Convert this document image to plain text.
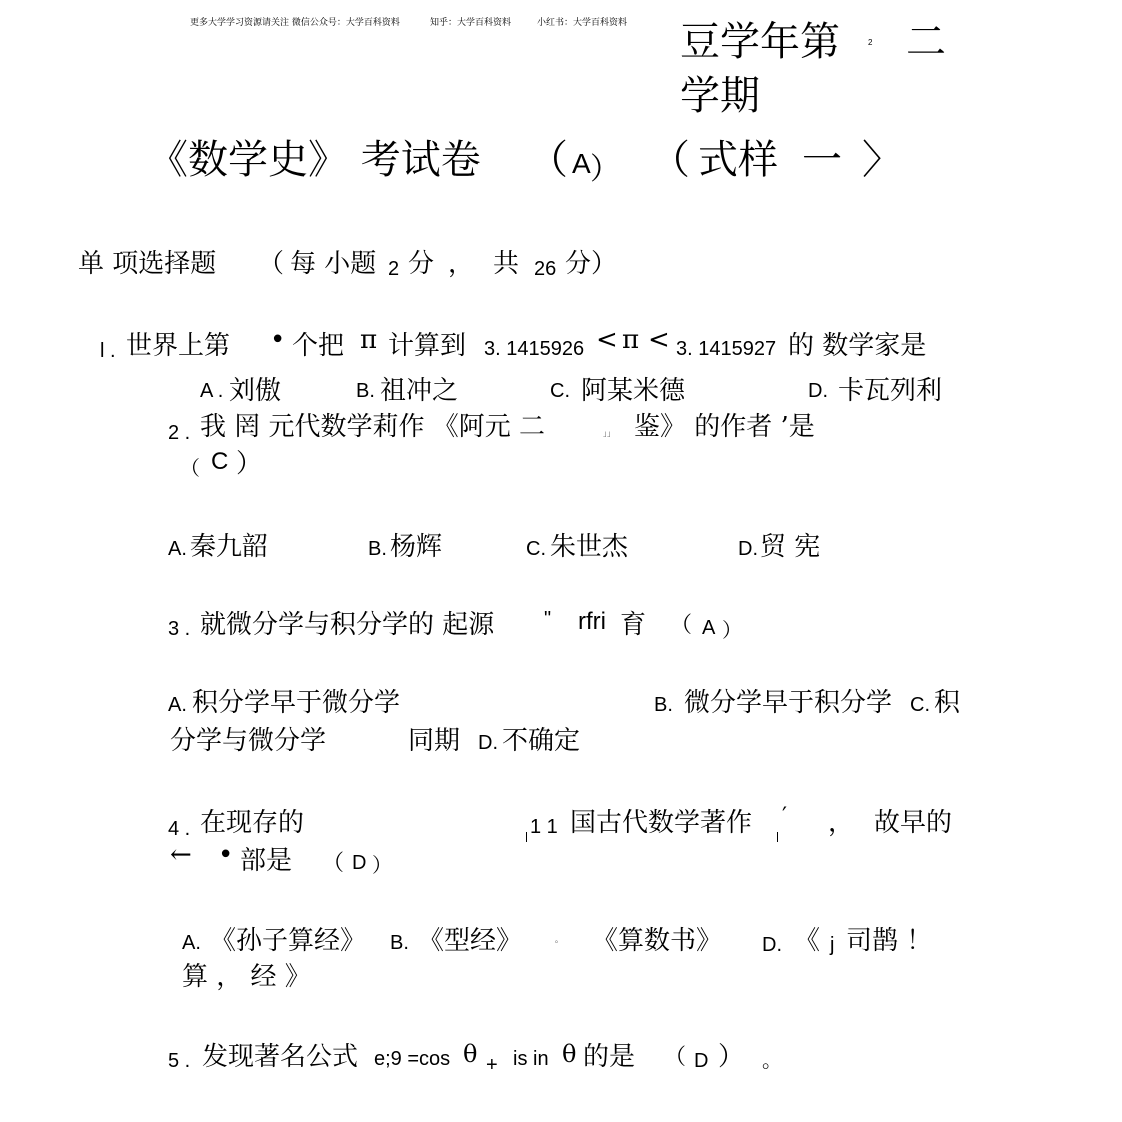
更多大学学习资源请关注 微信公众号：大学百科资料	知乎：大学百科资料	小红书：大学百科资料 豆学年第	2 二
学期
《数学史》 考试卷 （ A ） （ 式样 一 〉
单 项选择题 （ 每 小题 2 分 ， 共 26 分）
l . 世界上第 • 个把 π 计算到 3. 1415926 < π < 3. 1415927 的 数学家是
A . 刘傲	B. 祖冲之	C. 阿某米德	D. 卡瓦列利
2 . 我 罔 元代数学莉作 《阿元 二	」」 鉴》 的作者 ’是
（ C ）
A. 秦九韶	B. 杨辉	C. 朱世杰	D. 贸 宪
3 . 就微分学与积分学的 起源 " rfri 育 （ A ）
A. 积分学早于微分学	B. 微分学早于积分学 C. 积
分学与微分学	同期 D. 不确定
4 . 在现存的	1 1 国古代数学著作 ′ ， 故早的
← • 部是 （ D ）
A. 《孙子算经》 B. 《型经》	。 《算数书》 D. 《 j 司鹊 ！
算 ， 经 》
5 . 发现著名公式 e;9 =cos θ + is in θ 的是 （ D ） 。
